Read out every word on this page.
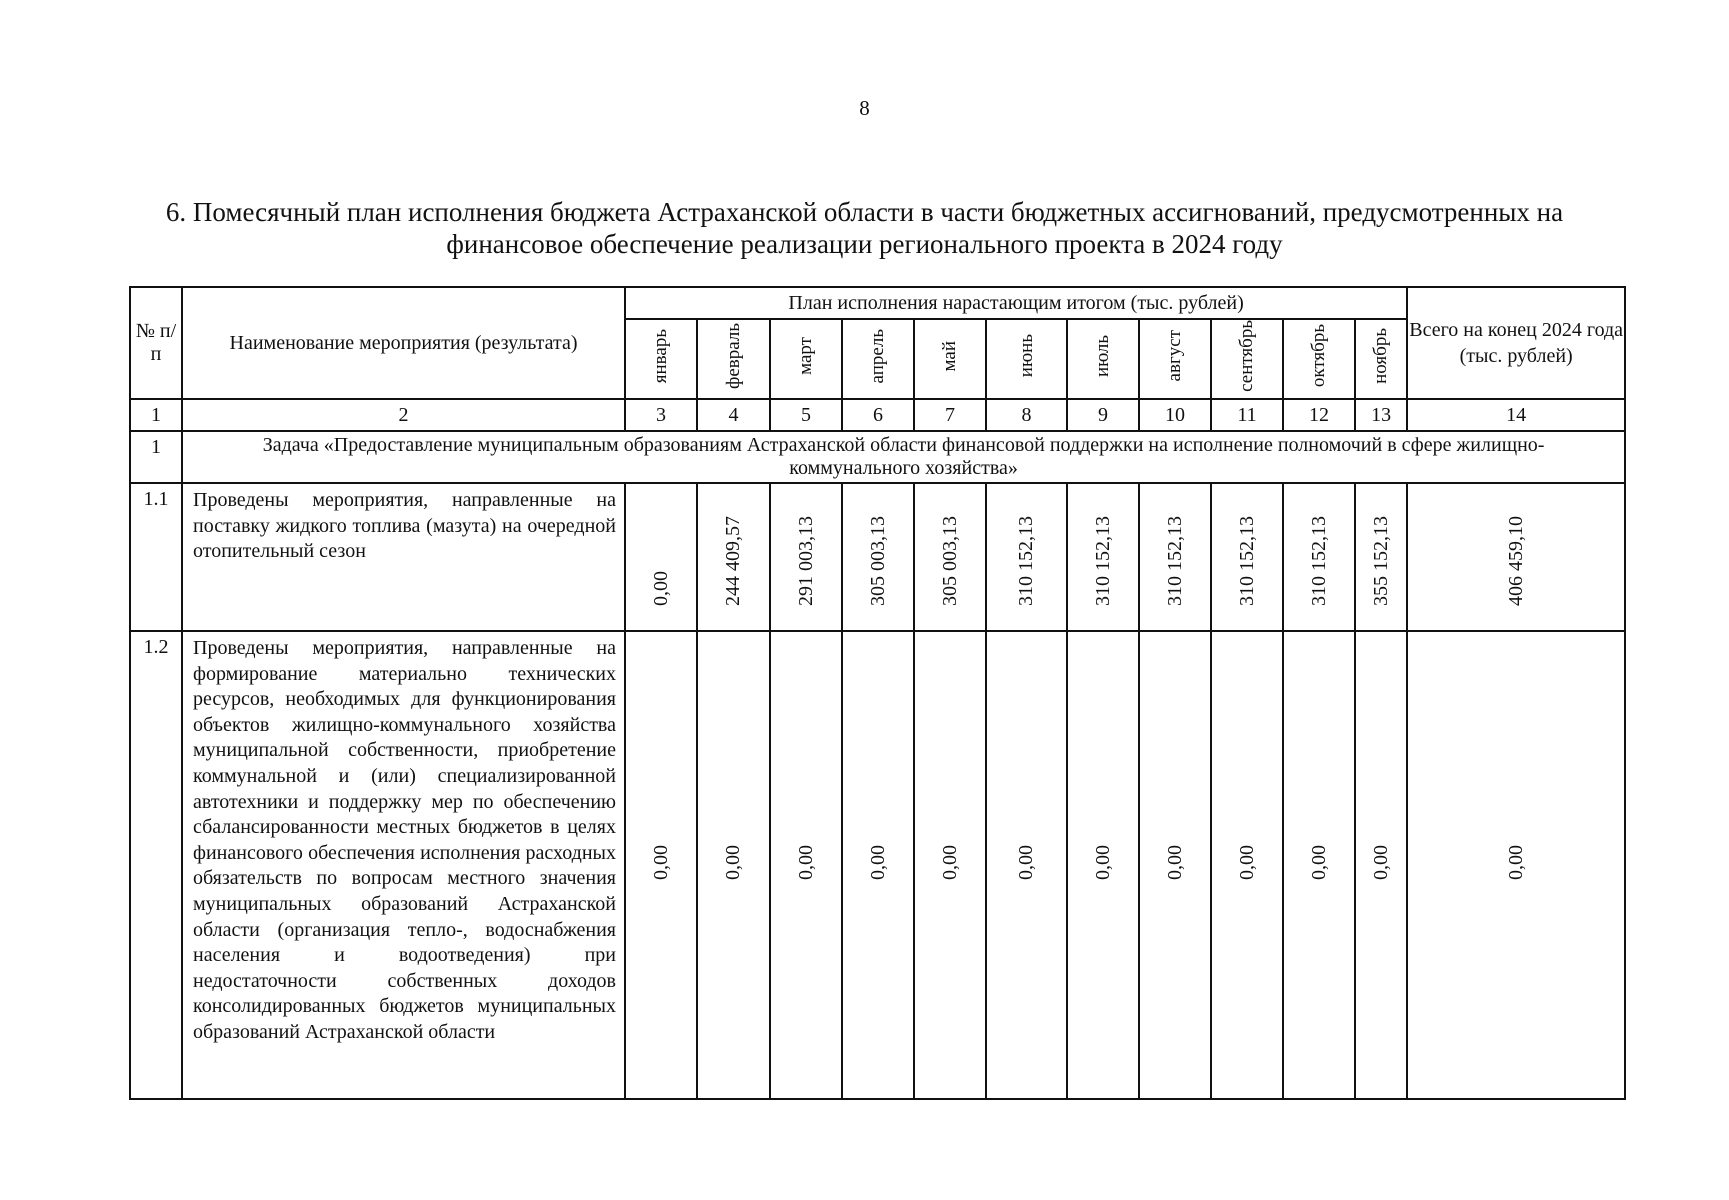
8
6. Помесячный план исполнения бюджета Астраханской области в части бюджетных ассигнований, предусмотренных на
финансовое обеспечение реализации регионального проекта в 2024 году
№ п/п	Наименование мероприятия (результата)	План исполнения нарастающим итогом (тыс. рублей)											Всего на конец 2024 года (тыс. рублей)
		январь	февраль	март	апрель	май	июнь	июль	август	сентябрь	октябрь	ноябрь	
1	2	3	4	5	6	7	8	9	10	11	12	13	14
1	Задача «Предоставление муниципальным образованиям Астраханской области финансовой поддержки на исполнение полномочий в сфере жилищно-коммунального хозяйства»												
1.1	Проведены мероприятия, направленные на поставку жидкого топлива (мазута) на очередной отопительный сезон	0,00	244 409,57	291 003,13	305 003,13	305 003,13	310 152,13	310 152,13	310 152,13	310 152,13	310 152,13	355 152,13	406 459,10
1.2	Проведены мероприятия, направленные на формирование материально технических ресурсов, необходимых для функционирования объектов жилищно-коммунального хозяйства муниципальной собственности, приобретение коммунальной и (или) специализированной автотехники и поддержку мер по обеспечению сбалансированности местных бюджетов в целях финансового обеспечения исполнения расходных обязательств по вопросам местного значения муниципальных образований Астраханской области (организация тепло-, водоснабжения населения и водоотведения) при недостаточности собственных доходов консолидированных бюджетов муниципальных образований Астраханской области	0,00	0,00	0,00	0,00	0,00	0,00	0,00	0,00	0,00	0,00	0,00	0,00
